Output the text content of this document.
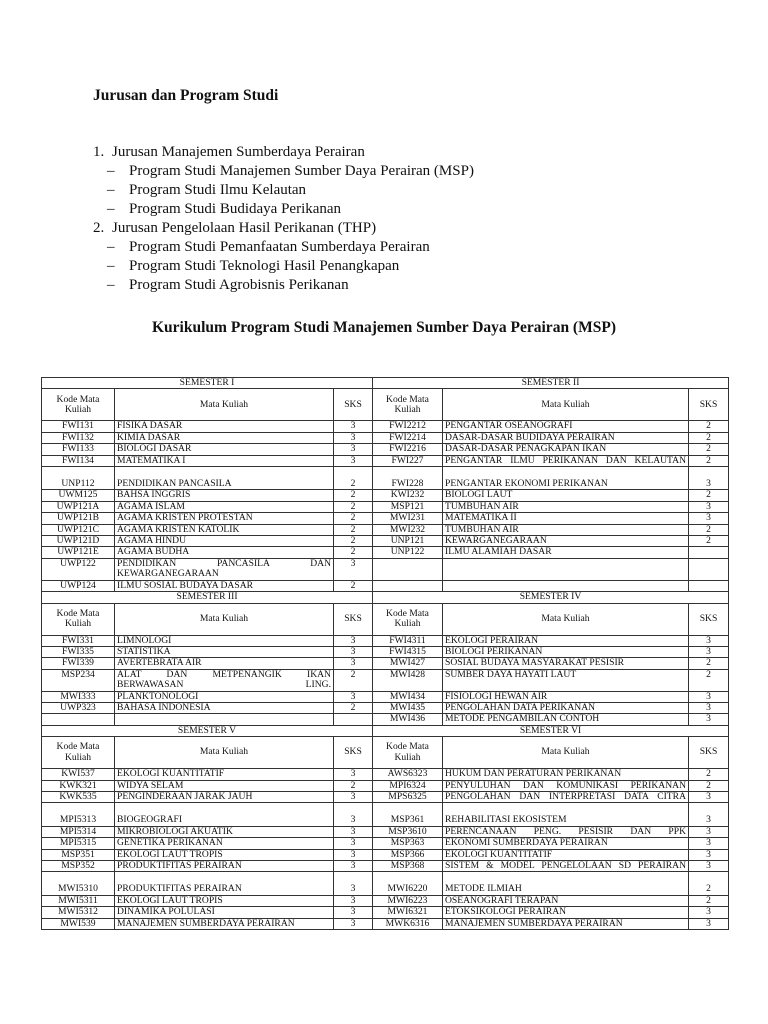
Jurusan dan Program Studi
1. Jurusan Manajemen Sumberdaya Perairan
– Program Studi Manajemen Sumber Daya Perairan (MSP)
– Program Studi Ilmu Kelautan
– Program Studi Budidaya Perikanan
2. Jurusan Pengelolaan Hasil Perikanan (THP)
– Program Studi Pemanfaatan Sumberdaya Perairan
– Program Studi Teknologi Hasil Penangkapan
– Program Studi Agrobisnis Perikanan
Kurikulum Program Studi Manajemen Sumber Daya Perairan (MSP)
SEMESTER I			SEMESTER II		
Kode Mata Kuliah	Mata Kuliah	SKS	Kode Mata Kuliah	Mata Kuliah	SKS
FWI131	FISIKA DASAR	3	FWI2212	PENGANTAR OSEANOGRAFI	2
FWI132	KIMIA DASAR	3	FWI2214	DASAR-DASAR BUDIDAYA PERAIRAN	2
FWI133	BIOLOGI DASAR	3	FWI2216	DASAR-DASAR PENAGKAPAN IKAN	2
FWI134	MATEMATIKA I	3	FWI227	PENGANTAR ILMU PERIKANAN DAN KELAUTAN	2
UNP112	PENDIDIKAN PANCASILA	2	FWI228	PENGANTAR EKONOMI PERIKANAN	3
UWM125	BAHSA INGGRIS	2	KWI232	BIOLOGI LAUT	2
UWP121A	AGAMA ISLAM	2	MSP121	TUMBUHAN AIR	3
UWP121B	AGAMA KRISTEN PROTESTAN	2	MWI231	MATEMATIKA II	3
UWP121C	AGAMA KRISTEN KATOLIK	2	MWI232	TUMBUHAN AIR	2
UWP121D	AGAMA HINDU	2	UNP121	KEWARGANEGARAAN	2
UWP121E	AGAMA BUDHA	2	UNP122	ILMU ALAMIAH DASAR	
UWP122	PENDIDIKAN PANCASILA DAN KEWARGANEGARAAN	3			
UWP124	ILMU SOSIAL BUDAYA DASAR	2			
SEMESTER III			SEMESTER IV		
Kode Mata Kuliah	Mata Kuliah	SKS	Kode Mata Kuliah	Mata Kuliah	SKS
FWI331	LIMNOLOGI	3	FWI4311	EKOLOGI PERAIRAN	3
FWI335	STATISTIKA	3	FWI4315	BIOLOGI PERIKANAN	3
FWI339	AVERTEBRATA AIR	3	MWI427	SOSIAL BUDAYA MASYARAKAT PESISIR	2
MSP234	ALAT DAN METPENANGIK IKAN BERWAWASAN LING.	2	MWI428	SUMBER DAYA HAYATI LAUT	2
MWI333	PLANKTONOLOGI	3	MWI434	FISIOLOGI HEWAN AIR	3
UWP323	BAHASA INDONESIA	2	MWI435	PENGOLAHAN DATA PERIKANAN	3
			MWI436	METODE PENGAMBILAN CONTOH	3
SEMESTER V			SEMESTER VI		
Kode Mata Kuliah	Mata Kuliah	SKS	Kode Mata Kuliah	Mata Kuliah	SKS
KWI537	EKOLOGI KUANTITATIF	3	AWS6323	HUKUM DAN PERATURAN PERIKANAN	2
KWK321	WIDYA SELAM	2	MPI6324	PENYULUHAN DAN KOMUNIKASI PERIKANAN	2
KWK535	PENGINDERAAN JARAK JAUH	3	MPS6325	PENGOLAHAN DAN INTERPRETASI DATA CITRA	3
MPI5313	BIOGEOGRAFI	3	MSP361	REHABILITASI EKOSISTEM	3
MPI5314	MIKROBIOLOGI AKUATIK	3	MSP3610	PERENCANAAN PENG. PESISIR DAN PPK	3
MPI5315	GENETIKA PERIKANAN	3	MSP363	EKONOMI SUMBERDAYA PERAIRAN	3
MSP351	EKOLOGI LAUT TROPIS	3	MSP366	EKOLOGI KUANTITATIF	3
MSP352	PRODUKTIFITAS PERAIRAN	3	MSP368	SISTEM & MODEL PENGELOLAAN SD PERAIRAN	3
MWI5310	PRODUKTIFITAS PERAIRAN	3	MWI6220	METODE ILMIAH	2
MWI5311	EKOLOGI LAUT TROPIS	3	MWI6223	OSEANOGRAFI TERAPAN	2
MWI5312	DINAMIKA POLULASI	3	MWI6321	ETOKSIKOLOGI PERAIRAN	3
MWI539	MANAJEMEN SUMBERDAYA PERAIRAN	3	MWK6316	MANAJEMEN SUMBERDAYA PERAIRAN	3
